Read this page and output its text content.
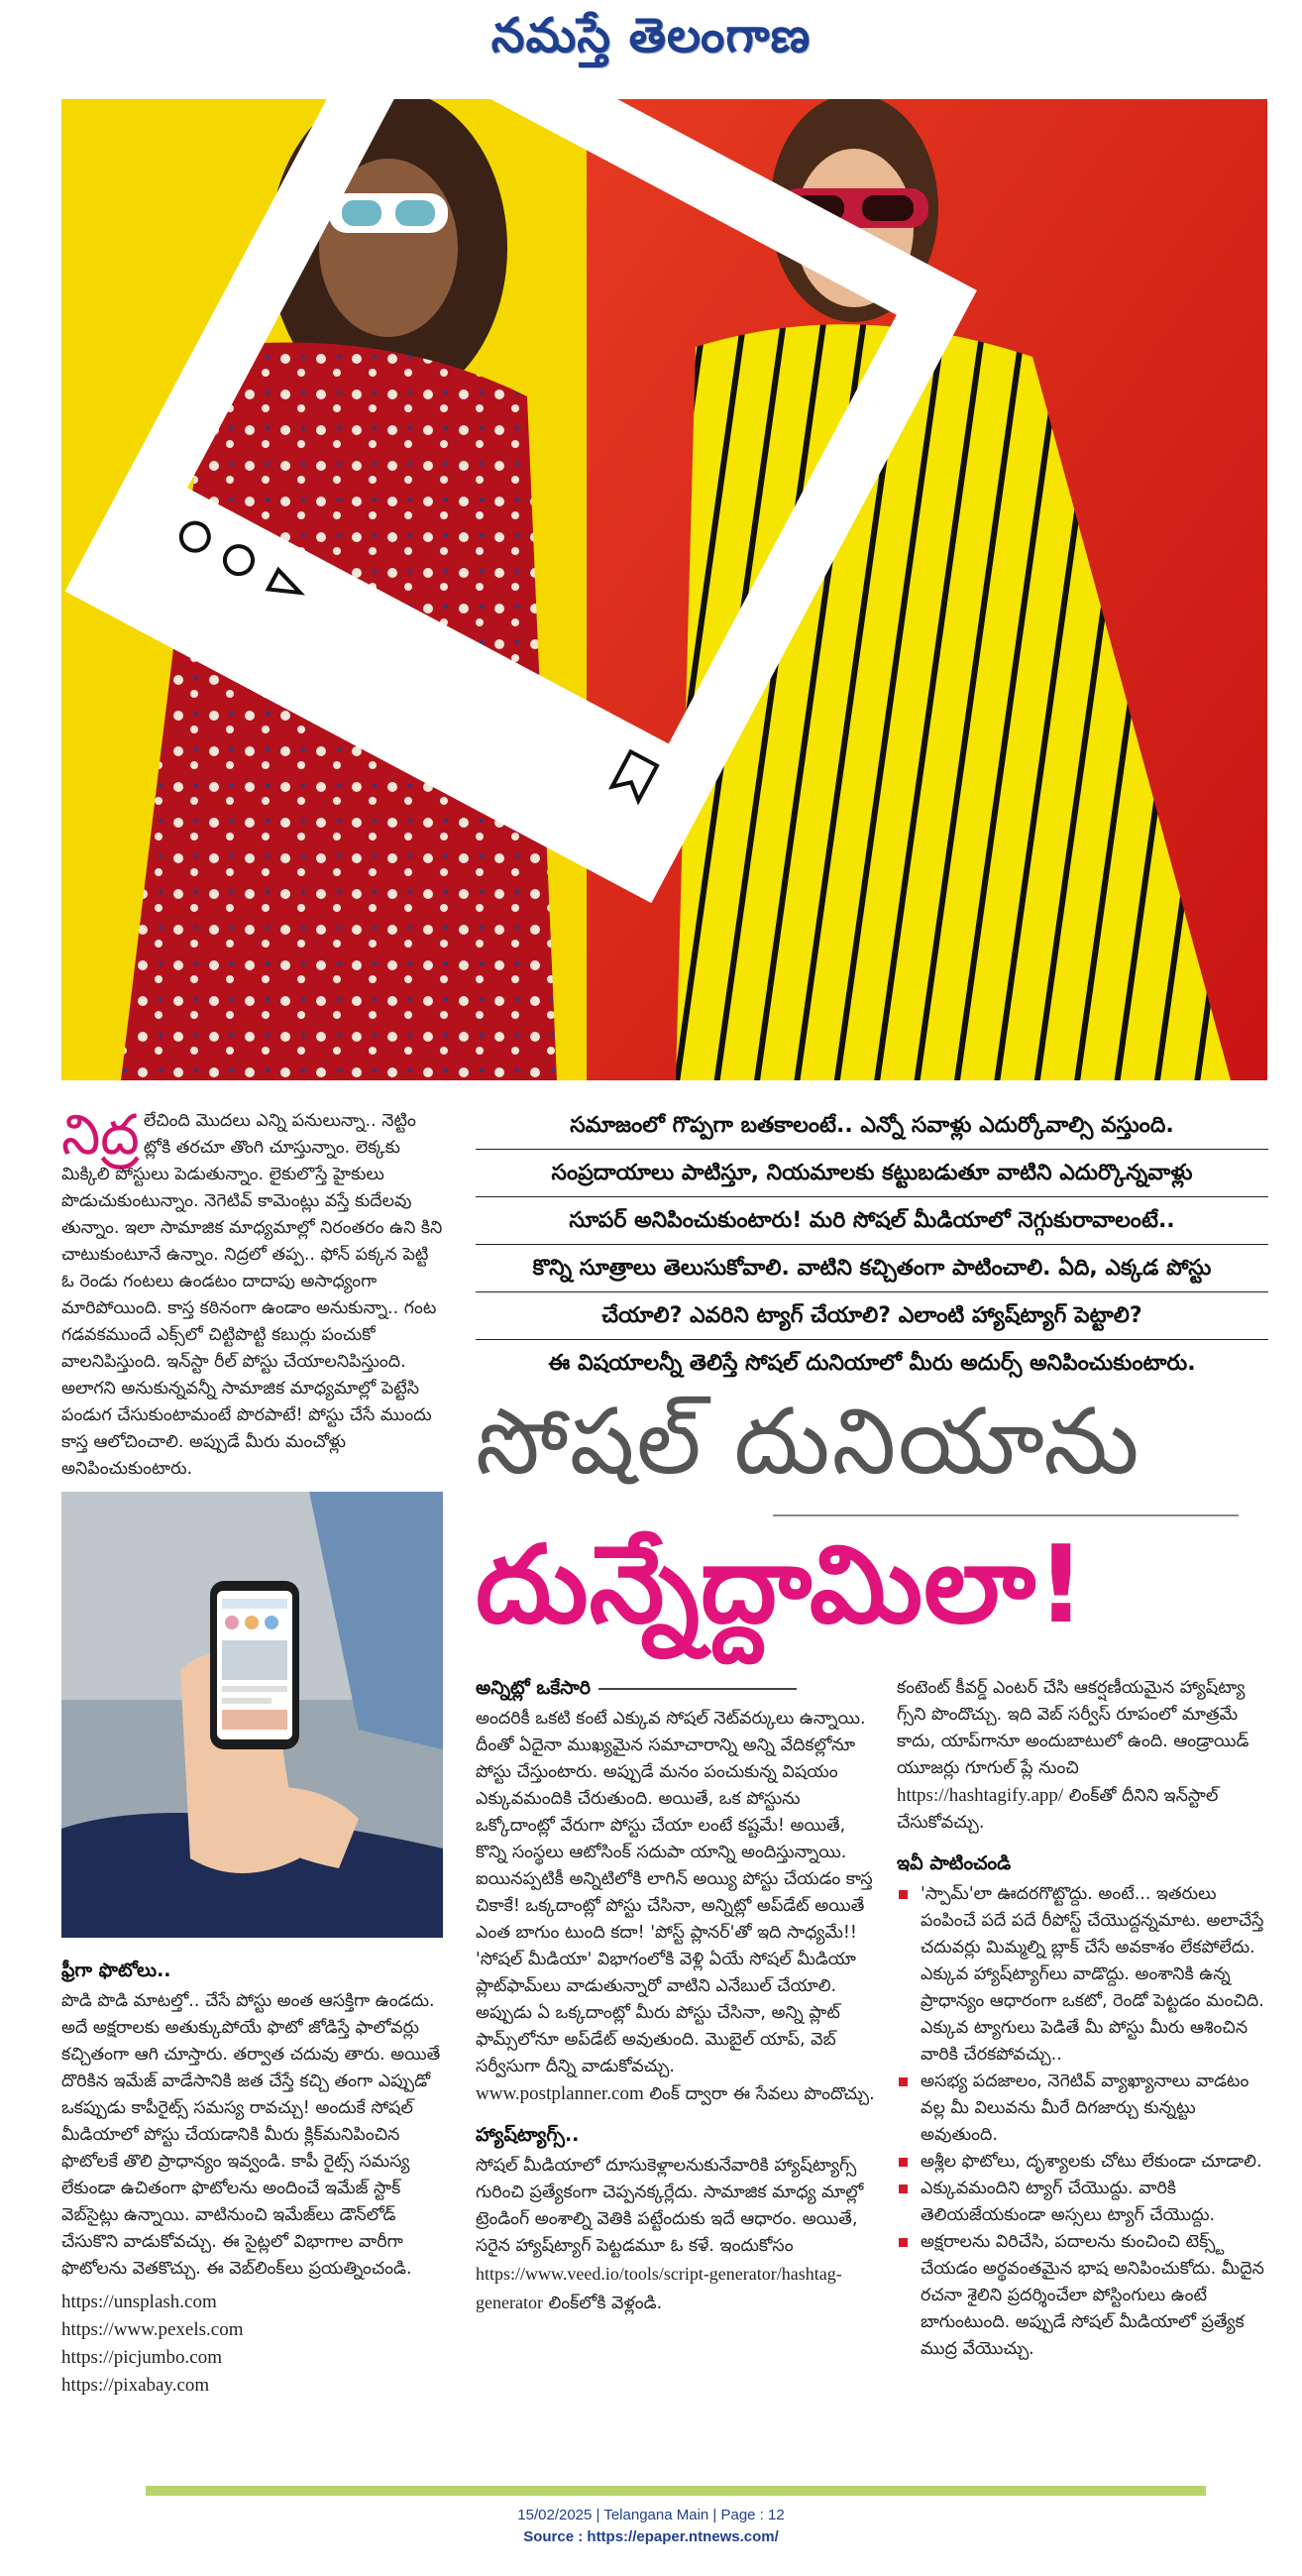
నమస్తే తెలంగాణ
నిద్ర లేచింది మొదలు ఎన్ని పనులున్నా.. నెట్టిం ట్లోకి తరచూ తొంగి చూస్తున్నాం. లెక్కకు మిక్కిలి పోస్టులు పెడుతున్నాం. లైకులొస్తే హైకులు పొడుచుకుంటున్నాం. నెగెటివ్ కామెంట్లు వస్తే కుదేలవు తున్నాం. ఇలా సామాజిక మాధ్యమాల్లో నిరంతరం ఉని కిని చాటుకుంటూనే ఉన్నాం. నిద్రలో తప్ప.. ఫోన్ పక్కన పెట్టి ఓ రెండు గంటలు ఉండటం దాదాపు అసాధ్యంగా మారిపోయింది. కాస్త కఠినంగా ఉండాం అనుకున్నా.. గంట గడవకముందే ఎక్స్‌లో చిట్టిపొట్టి కబుర్లు పంచుకో వాలనిపిస్తుంది. ఇన్‌స్టా రీల్ పోస్టు చేయాలనిపిస్తుంది. అలాగని అనుకున్నవన్నీ సామాజిక మాధ్యమాల్లో పెట్టేసి పండుగ చేసుకుంటామంటే పొరపాటే! పోస్టు చేసే ముందు కాస్త ఆలోచించాలి. అప్పుడే మీరు మంచోళ్లు అనిపించుకుంటారు.
ఫ్రీగా ఫొటోలు..

పొడి పొడి మాటల్తో.. చేసే పోస్టు అంత ఆసక్తిగా ఉండదు. అదే అక్షరాలకు అతుక్కుపోయే ఫొటో జోడిస్తే ఫాలోవర్లు కచ్చితంగా ఆగి చూస్తారు. తర్వాత చదువు తారు. అయితే దొరికిన ఇమేజ్ వాడేసానికి జత చేస్తే కచ్చి తంగా ఎప్పుడో ఒకప్పుడు కాపీరైట్స్ సమస్య రావచ్చు! అందుకే సోషల్ మీడియాలో పోస్టు చేయడానికి మీరు క్లిక్‌మనిపించిన ఫొటోలకే తొలి ప్రాధాన్యం ఇవ్వండి. కాపీ రైట్స్ సమస్య లేకుండా ఉచితంగా ఫొటోలను అందించే ఇమేజ్ స్టాక్ వెబ్‌సైట్లు ఉన్నాయి. వాటినుంచి ఇమేజ్‌లు డౌన్‌లోడ్ చేసుకొని వాడుకోవచ్చు. ఈ సైట్లలో విభాగాల వారీగా ఫొటోలను వెతకొచ్చు. ఈ వెబ్‌లింక్‌లు ప్రయత్నించండి.

https://unsplash.com
https://www.pexels.com
https://picjumbo.com
https://pixabay.com
సమాజంలో గొప్పగా బతకాలంటే.. ఎన్నో సవాళ్లు ఎదుర్కోవాల్సి వస్తుంది.
సంప్రదాయాలు పాటిస్తూ, నియమాలకు కట్టుబడుతూ వాటిని ఎదుర్కొన్నవాళ్లు
సూపర్ అనిపించుకుంటారు! మరి సోషల్ మీడియాలో నెగ్గుకురావాలంటే..
కొన్ని సూత్రాలు తెలుసుకోవాలి. వాటిని కచ్చితంగా పాటించాలి. ఏది, ఎక్కడ పోస్టు
చేయాలి? ఎవరిని ట్యాగ్ చేయాలి? ఎలాంటి హ్యాష్‌ట్యాగ్ పెట్టాలి?
ఈ విషయాలన్నీ తెలిస్తే సోషల్ దునియాలో మీరు అదుర్స్ అనిపించుకుంటారు.
సోషల్ దునియాను
దున్నేద్దామిలా!
అన్నిట్లో ఒకేసారి

అందరికీ ఒకటి కంటే ఎక్కువ సోషల్ నెట్‌వర్కులు ఉన్నాయి. దీంతో ఏదైనా ముఖ్యమైన సమాచారాన్ని అన్ని వేదికల్లోనూ పోస్టు చేస్తుంటారు. అప్పుడే మనం పంచుకున్న విషయం ఎక్కువమందికి చేరుతుంది. అయితే, ఒక పోస్టును ఒక్కోదాంట్లో వేరుగా పోస్టు చేయా లంటే కష్టమే! అయితే, కొన్ని సంస్థలు ఆటోసింక్ సదుపా యాన్ని అందిస్తున్నాయి. ఐయినప్పటికీ అన్నిటిలోకి లాగిన్ అయ్యి పోస్టు చేయడం కాస్త చికాకే! ఒక్కదాంట్లో పోస్టు చేసినా, అన్నిట్లో అప్‌డేట్ అయితే ఎంత బాగుం టుంది కదా! 'పోస్ట్ ప్లానర్'తో ఇది సాధ్యమే!! 'సోషల్ మీడియా' విభాగంలోకి వెళ్లి ఏయే సోషల్ మీడియా ప్లాట్‌ఫామ్‌లు వాడుతున్నారో వాటిని ఎనేబుల్ చేయాలి. అప్పుడు ఏ ఒక్కదాంట్లో మీరు పోస్టు చేసినా, అన్ని ప్లాట్ ఫామ్స్‌లోనూ అప్‌డేట్ అవుతుంది. మొబైల్ యాప్, వెబ్ సర్వీసుగా దీన్ని వాడుకోవచ్చు.

www.postplanner.com లింక్ ద్వారా ఈ సేవలు పొందొచ్చు.

హ్యాష్‌ట్యాగ్స్..

సోషల్ మీడియాలో దూసుకెళ్లాలనుకునేవారికి హ్యాష్‌ట్యాగ్స్ గురించి ప్రత్యేకంగా చెప్పనక్కర్లేదు. సామాజిక మాధ్య మాల్లో ట్రెండింగ్ అంశాల్ని వెతికి పట్టేందుకు ఇదే ఆధారం. అయితే, సరైన హ్యాష్‌ట్యాగ్ పెట్టడమూ ఓ కళే. ఇందుకోసం

https://www.veed.io/tools/script-generator/hashtag-generator లింక్‌లోకి వెళ్లండి.

కంటెంట్ కీవర్డ్ ఎంటర్ చేసి ఆకర్షణీయమైన హ్యాష్‌ట్యా గ్స్‌ని పొందొచ్చు. ఇది వెబ్ సర్వీస్ రూపంలో మాత్రమే కాదు, యాప్‌గానూ అందుబాటులో ఉంది. ఆండ్రాయిడ్ యూజర్లు గూగుల్ ప్లే నుంచి

https://hashtagify.app/ లింక్‌తో దీనిని ఇన్‌స్టాల్ చేసుకోవచ్చు.

ఇవీ పాటించండి
'స్పామ్'లా ఊదరగొట్టొద్దు. అంటే... ఇతరులు పంపించే పదే పదే రీపోస్ట్ చేయొద్దన్నమాట. అలాచేస్తే చదువర్లు మిమ్మల్ని బ్లాక్ చేసే అవకాశం లేకపోలేదు. ఎక్కువ హ్యాష్‌ట్యాగ్‌లు వాడొద్దు. అంశానికి ఉన్న ప్రాధాన్యం ఆధారంగా ఒకటో, రెండో పెట్టడం మంచిది. ఎక్కువ ట్యాగులు పెడితే మీ పోస్టు మీరు ఆశించిన వారికి చేరకపోవచ్చు..
అసభ్య పదజాలం, నెగెటివ్ వ్యాఖ్యానాలు వాడటం వల్ల మీ విలువను మీరే దిగజార్చు కున్నట్టు అవుతుంది.
అశ్లీల ఫొటోలు, దృశ్యాలకు చోటు లేకుండా చూడాలి.
ఎక్కువమందిని ట్యాగ్ చేయొద్దు. వారికి తెలియజేయకుండా అస్సలు ట్యాగ్ చేయొద్దు.
అక్షరాలను విరిచేసి, పదాలను కుంచించి టెక్స్ట్ చేయడం అర్థవంతమైన భాష అనిపించుకోదు. మీదైన రచనా శైలిని ప్రదర్శించేలా పోస్టింగులు ఉంటే బాగుంటుంది. అప్పుడే సోషల్ మీడియాలో ప్రత్యేక ముద్ర వేయొచ్చు.
15/02/2025 | Telangana Main | Page : 12
Source : https://epaper.ntnews.com/
